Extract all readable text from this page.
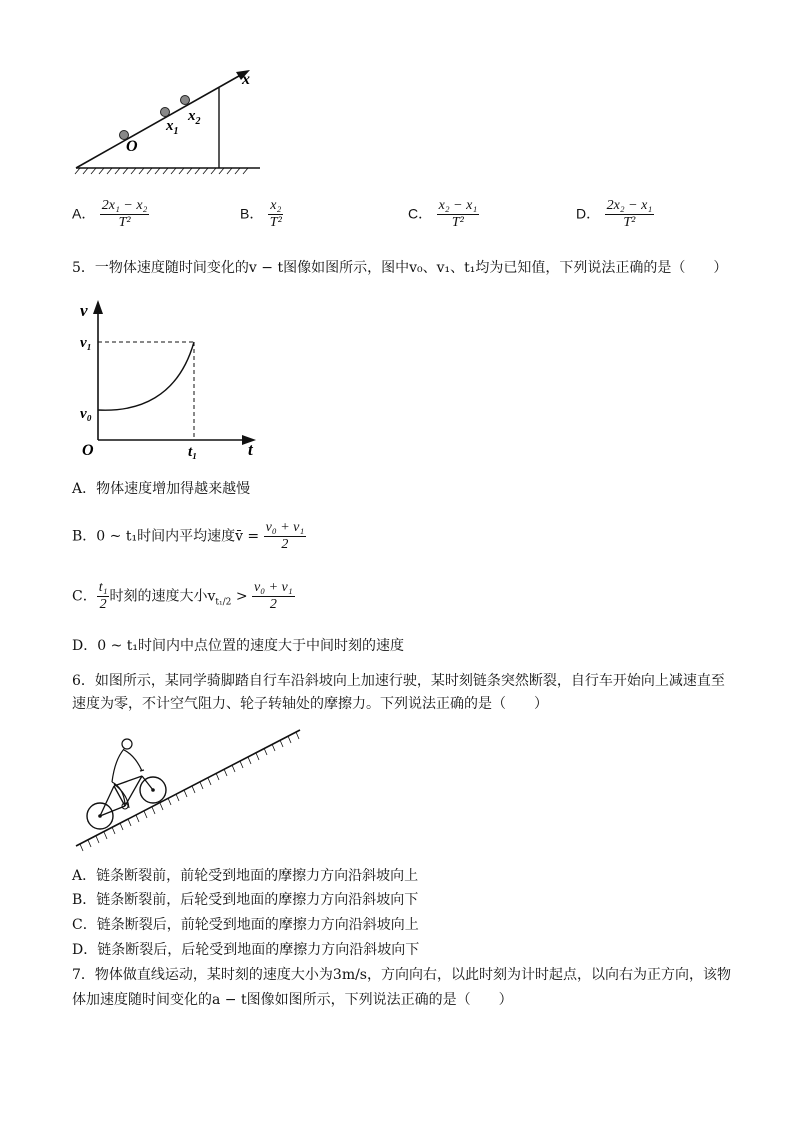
x
O
$x_1$
$x_2$
A． $\frac{\text{2x₁ − x₂}}{\text{T²}}$	B． $\frac{\text{x₂}}{\text{T²}}$	C． $\frac{\text{x₂ − x₁}}{\text{T²}}$	D． $\frac{\text{2x₂ − x₁}}{\text{T²}}$
5．一物体速度随时间变化的v − t图像如图所示，图中v₀、v₁、t₁均为已知值，下列说法正确的是（　　）
v
t
O
v₁
v₀
t₁
A．物体速度增加得越来越慢
B．0 ~ t₁时间内平均速度v̄ = $\frac{\text{v₀ + v₁}}{2}$
C． $\frac{\text{t₁}}{2}$ 时刻的速度大小$v_{t_1/2} > \frac{\text{v₀ + v₁}}{2}$
D．0 ~ t₁时间内中点位置的速度大于中间时刻的速度
6．如图所示，某同学骑脚踏自行车沿斜坡向上加速行驶，某时刻链条突然断裂，自行车开始向上减速直至
速度为零，不计空气阻力、轮子转轴处的摩擦力。下列说法正确的是（　　）
A．链条断裂前，前轮受到地面的摩擦力方向沿斜坡向上
B．链条断裂前，后轮受到地面的摩擦力方向沿斜坡向下
C．链条断裂后，前轮受到地面的摩擦力方向沿斜坡向上
D．链条断裂后，后轮受到地面的摩擦力方向沿斜坡向下
7．物体做直线运动，某时刻的速度大小为3m/s，方向向右，以此时刻为计时起点，以向右为正方向，该物
体加速度随时间变化的a − t图像如图所示，下列说法正确的是（　　）
